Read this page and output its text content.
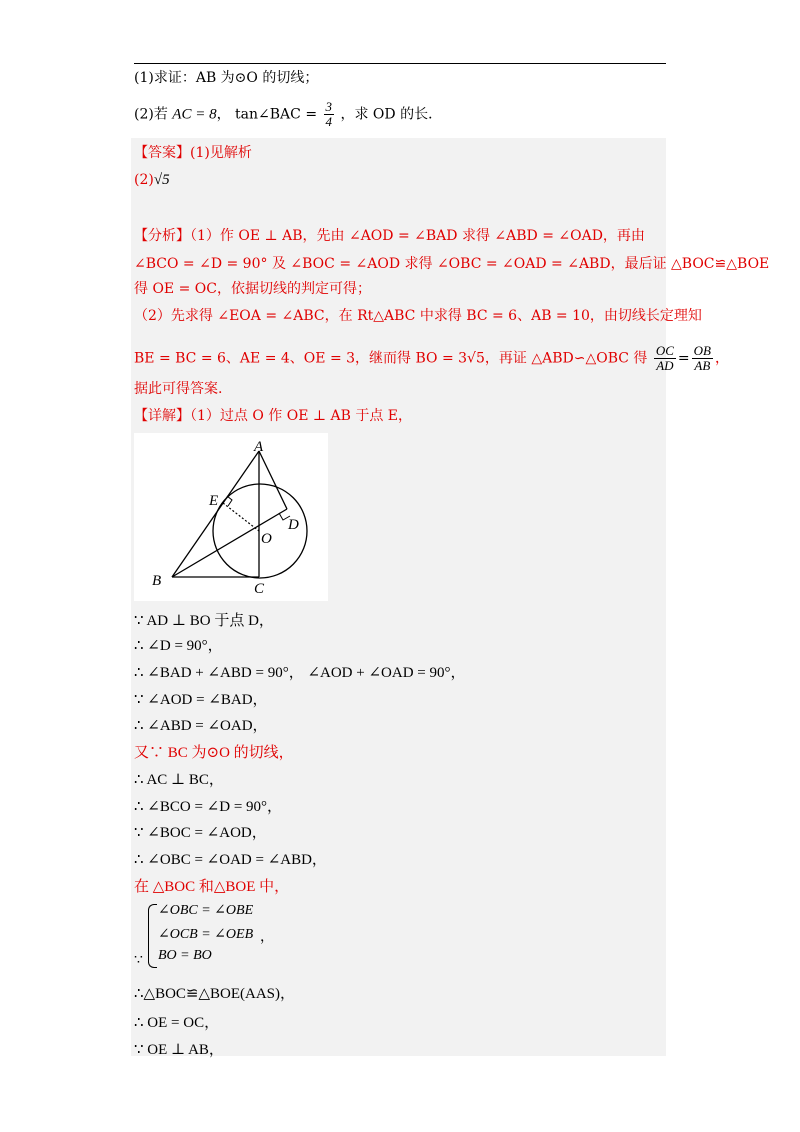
(1)求证：AB 为⊙O 的切线；
(2)若 AC = 8， tan∠BAC = $\frac{3}{4}$ ，求 OD 的长．
【答案】(1)见解析
(2)√5
【分析】（1）作 OE ⊥ AB，先由 ∠AOD = ∠BAD 求得 ∠ABD = ∠OAD，再由
∠BCO = ∠D = 90° 及 ∠BOC = ∠AOD 求得 ∠OBC = ∠OAD = ∠ABD，最后证 △BOC≌△BOE
得 OE = OC，依据切线的判定可得；
（2）先求得 ∠EOA = ∠ABC，在 Rt△ABC 中求得 BC = 6、AB = 10，由切线长定理知
BE = BC = 6、AE = 4、OE = 3，继而得 BO = 3√5，再证 △ABD∽△OBC 得 $\frac{OC}{AD} = \frac{OB}{AB}$ ，
据此可得答案.
【详解】（1）过点 O 作 OE ⊥ AB 于点 E，
A
B	C
D
E
O
∵ AD ⊥ BO 于点 D，
∴ ∠D = 90°，
∴ ∠BAD + ∠ABD = 90°， ∠AOD + ∠OAD = 90°，
∵ ∠AOD = ∠BAD，
∴ ∠ABD = ∠OAD，
又∵ BC 为⊙O 的切线，
∴ AC ⊥ BC，
∴ ∠BCO = ∠D = 90°，
∵ ∠BOC = ∠AOD，
∴ ∠OBC = ∠OAD = ∠ABD，
在 △BOC 和△BOE 中，
∠OBC = ∠OBE
∠OCB = ∠OEB
BO = BO
，
∵
∴△BOC≌△BOE(AAS)，
∴ OE = OC，
∵ OE ⊥ AB，
